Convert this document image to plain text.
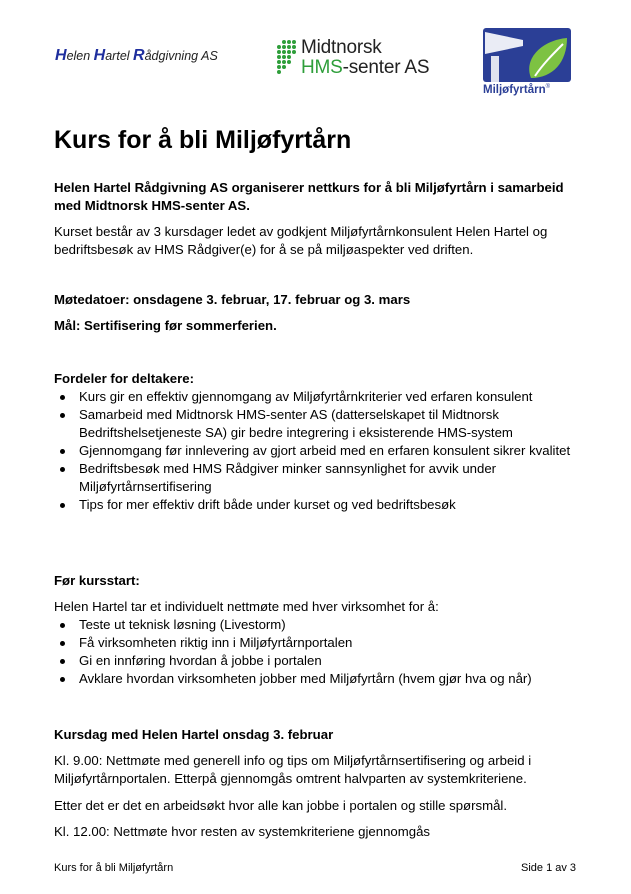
Helen Hartel Rådgivning AS	Midtnorsk
HMS-senter AS
Miljøfyrtårn®
Kurs for å bli Miljøfyrtårn
Helen Hartel Rådgivning AS organiserer nettkurs for å bli Miljøfyrtårn i samarbeid med Midtnorsk HMS-senter AS.
Kurset består av 3 kursdager ledet av godkjent Miljøfyrtårnkonsulent Helen Hartel og bedriftsbesøk av HMS Rådgiver(e) for å se på miljøaspekter ved driften.
Møtedatoer: onsdagene 3. februar, 17. februar og 3. mars
Mål: Sertifisering før sommerferien.
Fordeler for deltakere:
Kurs gir en effektiv gjennomgang av Miljøfyrtårnkriterier ved erfaren konsulent
Samarbeid med Midtnorsk HMS-senter AS (datterselskapet til Midtnorsk Bedriftshelsetjeneste SA) gir bedre integrering i eksisterende HMS-system
Gjennomgang før innlevering av gjort arbeid med en erfaren konsulent sikrer kvalitet
Bedriftsbesøk med HMS Rådgiver minker sannsynlighet for avvik under Miljøfyrtårnsertifisering
Tips for mer effektiv drift både under kurset og ved bedriftsbesøk
Før kursstart:
Helen Hartel tar et individuelt nettmøte med hver virksomhet for å:
Teste ut teknisk løsning (Livestorm)
Få virksomheten riktig inn i Miljøfyrtårnportalen
Gi en innføring hvordan å jobbe i portalen
Avklare hvordan virksomheten jobber med Miljøfyrtårn (hvem gjør hva og når)
Kursdag med Helen Hartel onsdag 3. februar
Kl. 9.00: Nettmøte med generell info og tips om Miljøfyrtårnsertifisering og arbeid i Miljøfyrtårnportalen. Etterpå gjennomgås omtrent halvparten av systemkriteriene.
Etter det er det en arbeidsøkt hvor alle kan jobbe i portalen og stille spørsmål.
Kl. 12.00: Nettmøte hvor resten av systemkriteriene gjennomgås
Kurs for å bli Miljøfyrtårn	Side 1 av 3
